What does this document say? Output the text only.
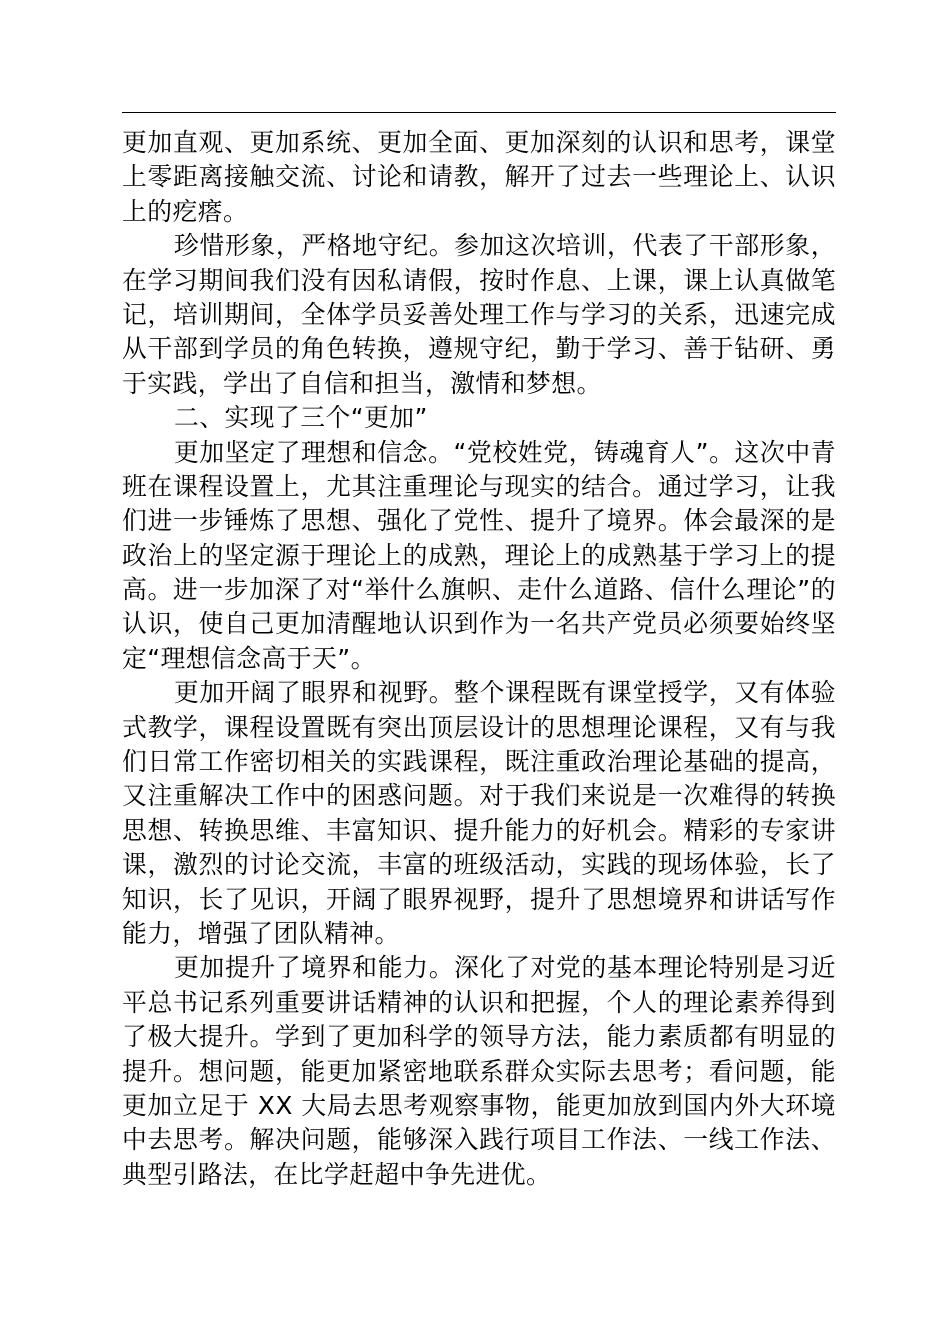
更加直观、更加系统、更加全面、更加深刻的认识和思考，课堂
上零距离接触交流、讨论和请教，解开了过去一些理论上、认识
上的疙瘩。
珍惜形象，严格地守纪。参加这次培训，代表了干部形象，
在学习期间我们没有因私请假，按时作息、上课，课上认真做笔
记，培训期间，全体学员妥善处理工作与学习的关系，迅速完成
从干部到学员的角色转换，遵规守纪，勤于学习、善于钻研、勇
于实践，学出了自信和担当，激情和梦想。
二、实现了三个“更加”
更加坚定了理想和信念。“党校姓党，铸魂育人”。这次中青
班在课程设置上，尤其注重理论与现实的结合。通过学习，让我
们进一步锤炼了思想、强化了党性、提升了境界。体会最深的是
政治上的坚定源于理论上的成熟，理论上的成熟基于学习上的提
高。进一步加深了对“举什么旗帜、走什么道路、信什么理论”的
认识，使自己更加清醒地认识到作为一名共产党员必须要始终坚
定“理想信念高于天”。
更加开阔了眼界和视野。整个课程既有课堂授学，又有体验
式教学，课程设置既有突出顶层设计的思想理论课程，又有与我
们日常工作密切相关的实践课程，既注重政治理论基础的提高，
又注重解决工作中的困惑问题。对于我们来说是一次难得的转换
思想、转换思维、丰富知识、提升能力的好机会。精彩的专家讲
课，激烈的讨论交流，丰富的班级活动，实践的现场体验，长了
知识，长了见识，开阔了眼界视野，提升了思想境界和讲话写作
能力，增强了团队精神。
更加提升了境界和能力。深化了对党的基本理论特别是习近
平总书记系列重要讲话精神的认识和把握，个人的理论素养得到
了极大提升。学到了更加科学的领导方法，能力素质都有明显的
提升。想问题，能更加紧密地联系群众实际去思考；看问题，能
更加立足于 XX 大局去思考观察事物，能更加放到国内外大环境
中去思考。解决问题，能够深入践行项目工作法、一线工作法、
典型引路法，在比学赶超中争先进优。
